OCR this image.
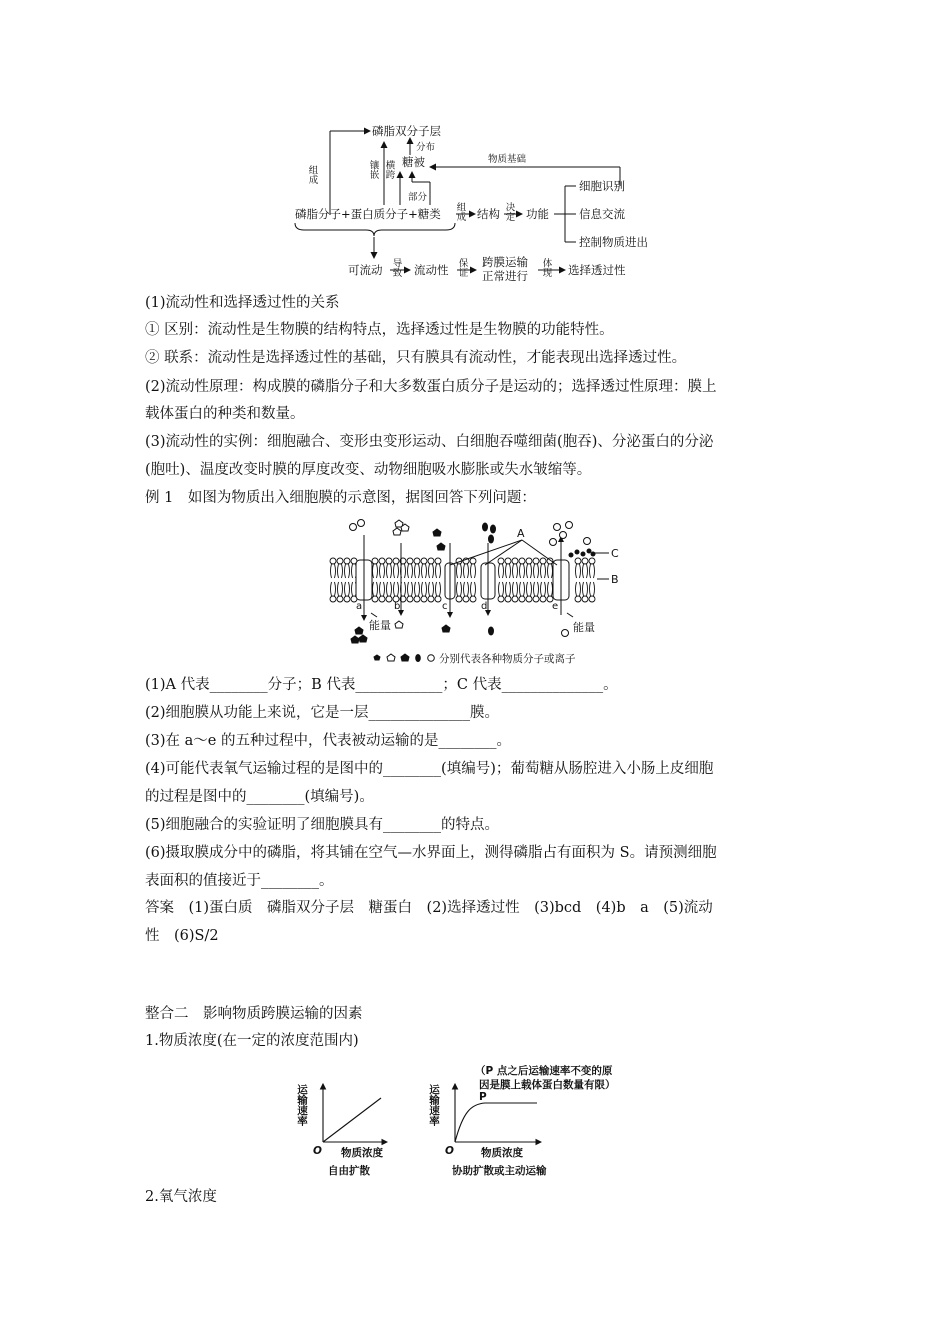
磷脂双分子层
分布
糖被	物质基础
部分
磷脂分子+蛋白质分子+糖类	结构 功能
细胞识别
信息交流
控制物质进出
可流动	流动性
跨膜运输
正常进行	选择透过性
组成	镶嵌 横跨
组成	决定
导致	保证	体现
(1)流动性和选择透过性的关系
① 区别：流动性是生物膜的结构特点，选择透过性是生物膜的功能特性。
② 联系：流动性是选择透过性的基础，只有膜具有流动性，才能表现出选择透过性。
(2)流动性原理：构成膜的磷脂分子和大多数蛋白质分子是运动的；选择透过性原理：膜上
载体蛋白的种类和数量。
(3)流动性的实例：细胞融合、变形虫变形运动、白细胞吞噬细菌(胞吞)、分泌蛋白的分泌
(胞吐)、温度改变时膜的厚度改变、动物细胞吸水膨胀或失水皱缩等。
例 1　如图为物质出入细胞膜的示意图，据图回答下列问题：
A
B
C
a	b	c	d	e
能量	能量
分别代表各种物质分子或离子
(1)A 代表________分子；B 代表____________；C 代表______________。
(2)细胞膜从功能上来说，它是一层______________膜。
(3)在 a～e 的五种过程中，代表被动运输的是________。
(4)可能代表氧气运输过程的是图中的________(填编号)；葡萄糖从肠腔进入小肠上皮细胞
的过程是图中的________(填编号)。
(5)细胞融合的实验证明了细胞膜具有________的特点。
(6)摄取膜成分中的磷脂，将其铺在空气—水界面上，测得磷脂占有面积为 S。请预测细胞
表面积的值接近于________。
答案　(1)蛋白质　磷脂双分子层　糖蛋白　(2)选择透过性　(3)bcd　(4)b　a　(5)流动
性　(6)S/2
整合二　影响物质跨膜运输的因素
1.物质浓度(在一定的浓度范围内)
运输速率	运输速率
物质浓度	物质浓度
O	O
P
自由扩散	协助扩散或主动运输
（P 点之后运输速率不变的原
因是膜上载体蛋白数量有限）
2.氧气浓度
